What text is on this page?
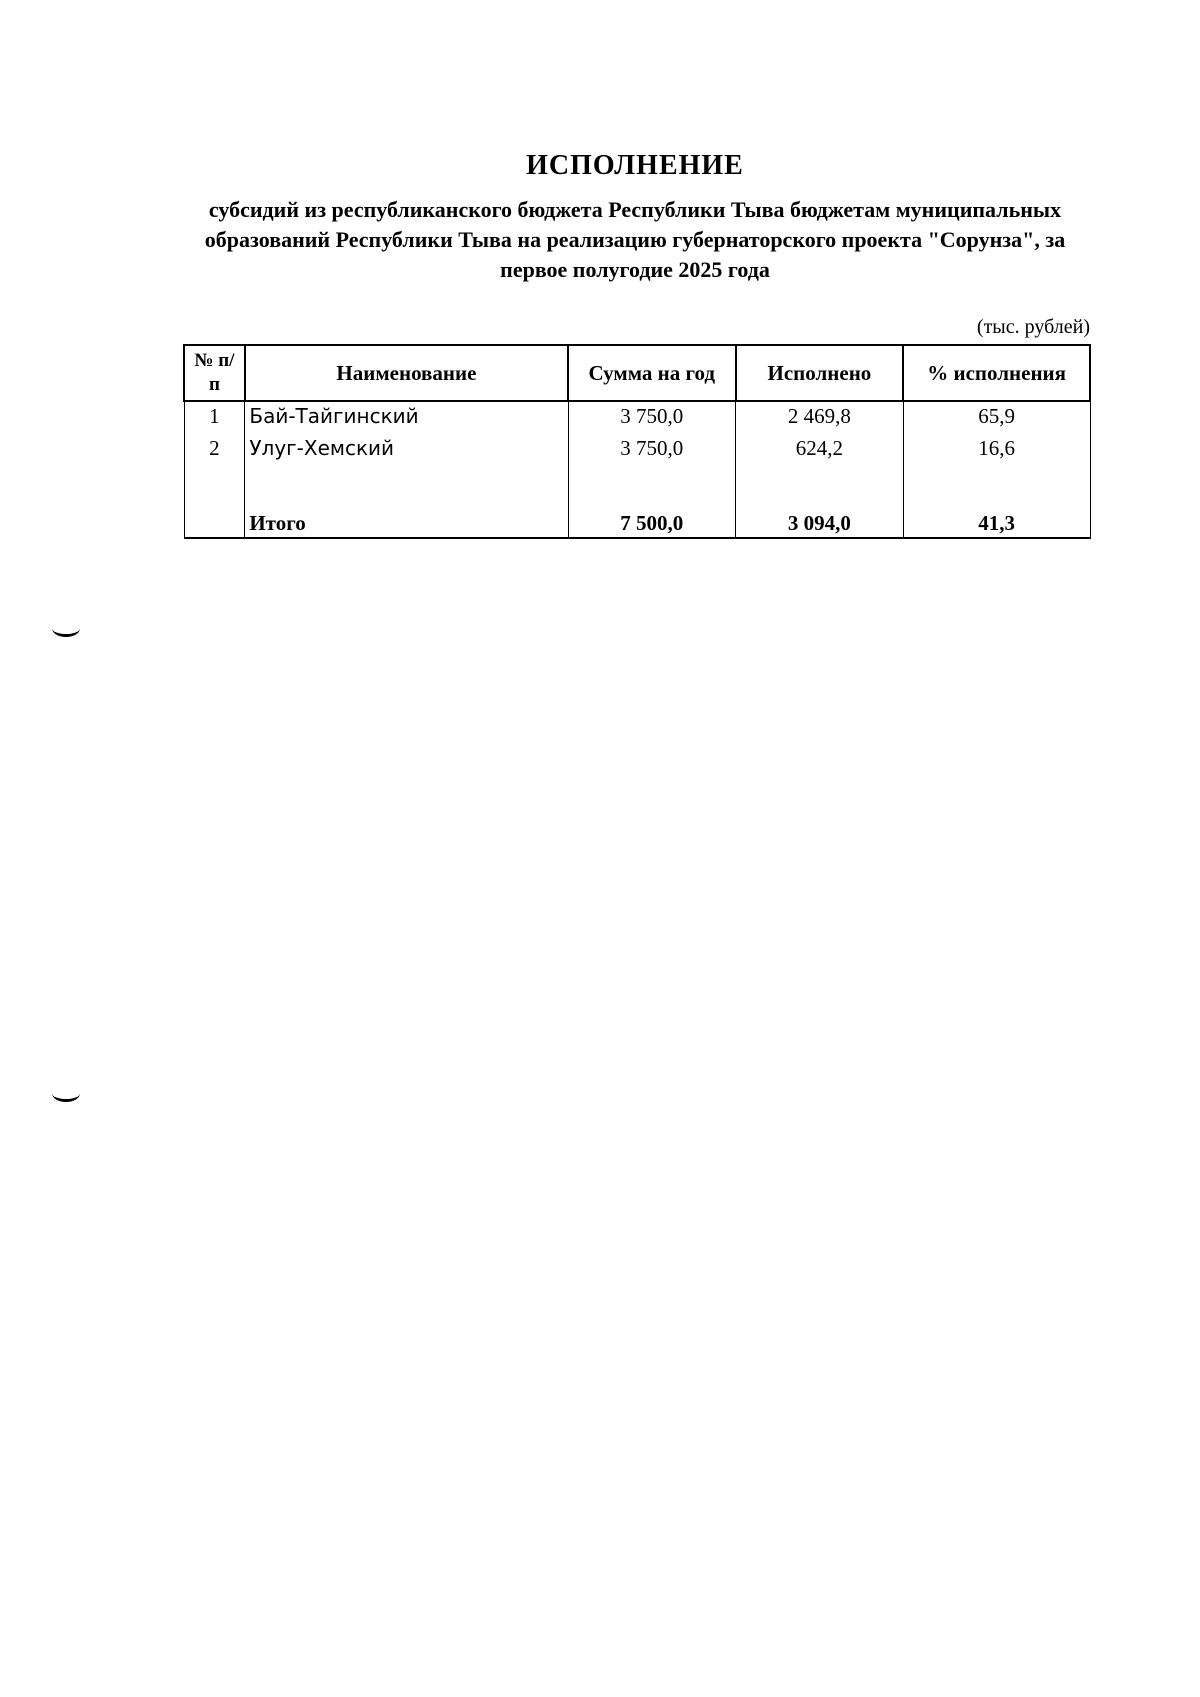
ИСПОЛНЕНИЕ
субсидий из республиканского бюджета Республики Тыва бюджетам муниципальных образований Республики Тыва на реализацию губернаторского проекта "Сорунза", за первое полугодие 2025 года
(тыс. рублей)
№ п/п	Наименование	Сумма на год	Исполнено	% исполнения
1	Бай-Тайгинский	3 750,0	2 469,8	65,9
2	Улуг-Хемский	3 750,0	624,2	16,6

	Итого	7 500,0	3 094,0	41,3
